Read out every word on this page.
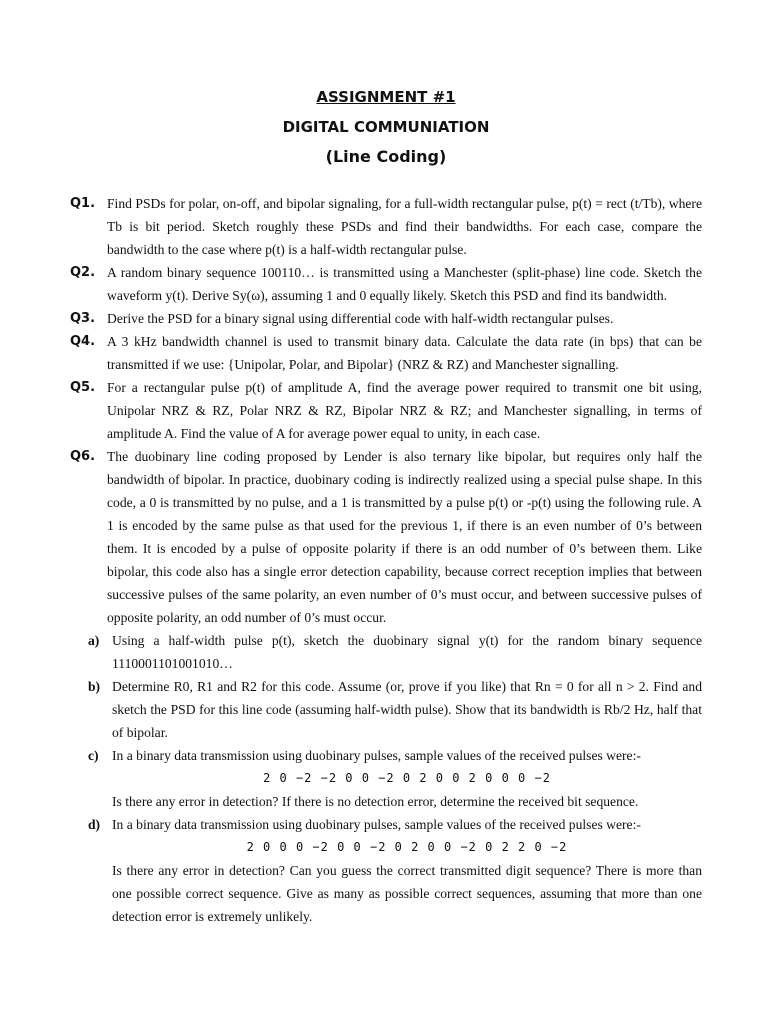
ASSIGNMENT #1
DIGITAL COMMUNIATION
(Line Coding)
Q1. Find PSDs for polar, on-off, and bipolar signaling, for a full-width rectangular pulse, p(t) = rect (t/Tb), where Tb is bit period. Sketch roughly these PSDs and find their bandwidths. For each case, compare the bandwidth to the case where p(t) is a half-width rectangular pulse.
Q2. A random binary sequence 100110… is transmitted using a Manchester (split-phase) line code. Sketch the waveform y(t). Derive Sy(ω), assuming 1 and 0 equally likely. Sketch this PSD and find its bandwidth.
Q3. Derive the PSD for a binary signal using differential code with half-width rectangular pulses.
Q4. A 3 kHz bandwidth channel is used to transmit binary data. Calculate the data rate (in bps) that can be transmitted if we use: {Unipolar, Polar, and Bipolar} (NRZ & RZ) and Manchester signalling.
Q5. For a rectangular pulse p(t) of amplitude A, find the average power required to transmit one bit using, Unipolar NRZ & RZ, Polar NRZ & RZ, Bipolar NRZ & RZ; and Manchester signalling, in terms of amplitude A. Find the value of A for average power equal to unity, in each case.
Q6. The duobinary line coding proposed by Lender is also ternary like bipolar, but requires only half the bandwidth of bipolar. In practice, duobinary coding is indirectly realized using a special pulse shape. In this code, a 0 is transmitted by no pulse, and a 1 is transmitted by a pulse p(t) or -p(t) using the following rule. A 1 is encoded by the same pulse as that used for the previous 1, if there is an even number of 0’s between them. It is encoded by a pulse of opposite polarity if there is an odd number of 0’s between them. Like bipolar, this code also has a single error detection capability, because correct reception implies that between successive pulses of the same polarity, an even number of 0’s must occur, and between successive pulses of opposite polarity, an odd number of 0’s must occur.
a) Using a half-width pulse p(t), sketch the duobinary signal y(t) for the random binary sequence 1110001101001010…
b) Determine R0, R1 and R2 for this code. Assume (or, prove if you like) that Rn = 0 for all n > 2. Find and sketch the PSD for this line code (assuming half-width pulse). Show that its bandwidth is Rb/2 Hz, half that of bipolar.
c) In a binary data transmission using duobinary pulses, sample values of the received pulses were:-
2 0 −2 −2 0 0 −2 0 2 0 0 2 0 0 0 −2
Is there any error in detection? If there is no detection error, determine the received bit sequence.
d) In a binary data transmission using duobinary pulses, sample values of the received pulses were:-
2 0 0 0 −2 0 0 −2 0 2 0 0 −2 0 2 2 0 −2
Is there any error in detection? Can you guess the correct transmitted digit sequence? There is more than one possible correct sequence. Give as many as possible correct sequences, assuming that more than one detection error is extremely unlikely.
